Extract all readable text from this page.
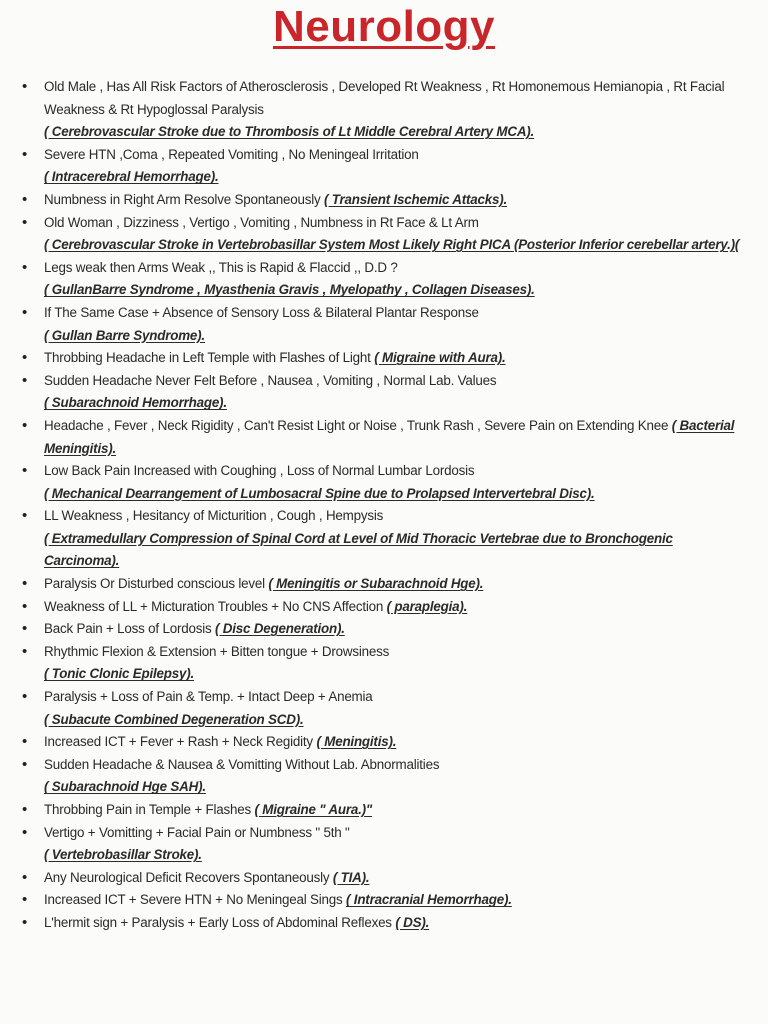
Neurology
• Old Male , Has All Risk Factors of Atherosclerosis , Developed Rt Weakness , Rt Homonemous Hemianopia , Rt Facial Weakness & Rt Hypoglossal Paralysis
( Cerebrovascular Stroke due to Thrombosis of Lt Middle Cerebral Artery MCA).
• Severe HTN ,Coma , Repeated Vomiting , No Meningeal Irritation
( Intracerebral Hemorrhage).
• Numbness in Right Arm Resolve Spontaneously ( Transient Ischemic Attacks).
• Old Woman , Dizziness , Vertigo , Vomiting , Numbness in Rt Face & Lt Arm
( Cerebrovascular Stroke in Vertebrobasillar System Most Likely Right PICA (Posterior Inferior cerebellar artery.)(
• Legs weak then Arms Weak ,, This is Rapid & Flaccid ,, D.D ?
( GullanBarre Syndrome , Myasthenia Gravis , Myelopathy , Collagen Diseases).
• If The Same Case + Absence of Sensory Loss & Bilateral Plantar Response
( Gullan Barre Syndrome).
• Throbbing Headache in Left Temple with Flashes of Light ( Migraine with Aura).
• Sudden Headache Never Felt Before , Nausea , Vomiting , Normal Lab. Values
( Subarachnoid Hemorrhage).
• Headache , Fever , Neck Rigidity , Can't Resist Light or Noise , Trunk Rash , Severe Pain on Extending Knee ( Bacterial Meningitis).
• Low Back Pain Increased with Coughing , Loss of Normal Lumbar Lordosis
( Mechanical Dearrangement of Lumbosacral Spine due to Prolapsed Intervertebral Disc).
• LL Weakness , Hesitancy of Micturition , Cough , Hempysis
( Extramedullary Compression of Spinal Cord at Level of Mid Thoracic Vertebrae due to Bronchogenic Carcinoma).
• Paralysis Or Disturbed conscious level ( Meningitis or Subarachnoid Hge).
• Weakness of LL + Micturation Troubles + No CNS Affection ( paraplegia).
• Back Pain + Loss of Lordosis ( Disc Degeneration).
• Rhythmic Flexion & Extension + Bitten tongue + Drowsiness
( Tonic Clonic Epilepsy).
• Paralysis + Loss of Pain & Temp. + Intact Deep + Anemia
( Subacute Combined Degeneration SCD).
• Increased ICT + Fever + Rash + Neck Regidity ( Meningitis).
• Sudden Headache & Nausea & Vomitting Without Lab. Abnormalities
( Subarachnoid Hge SAH).
• Throbbing Pain in Temple + Flashes ( Migraine " Aura.)"
• Vertigo + Vomitting + Facial Pain or Numbness " 5th "
( Vertebrobasillar Stroke).
• Any Neurological Deficit Recovers Spontaneously ( TIA).
• Increased ICT + Severe HTN + No Meningeal Sings ( Intracranial Hemorrhage).
• L'hermit sign + Paralysis + Early Loss of Abdominal Reflexes ( DS).
